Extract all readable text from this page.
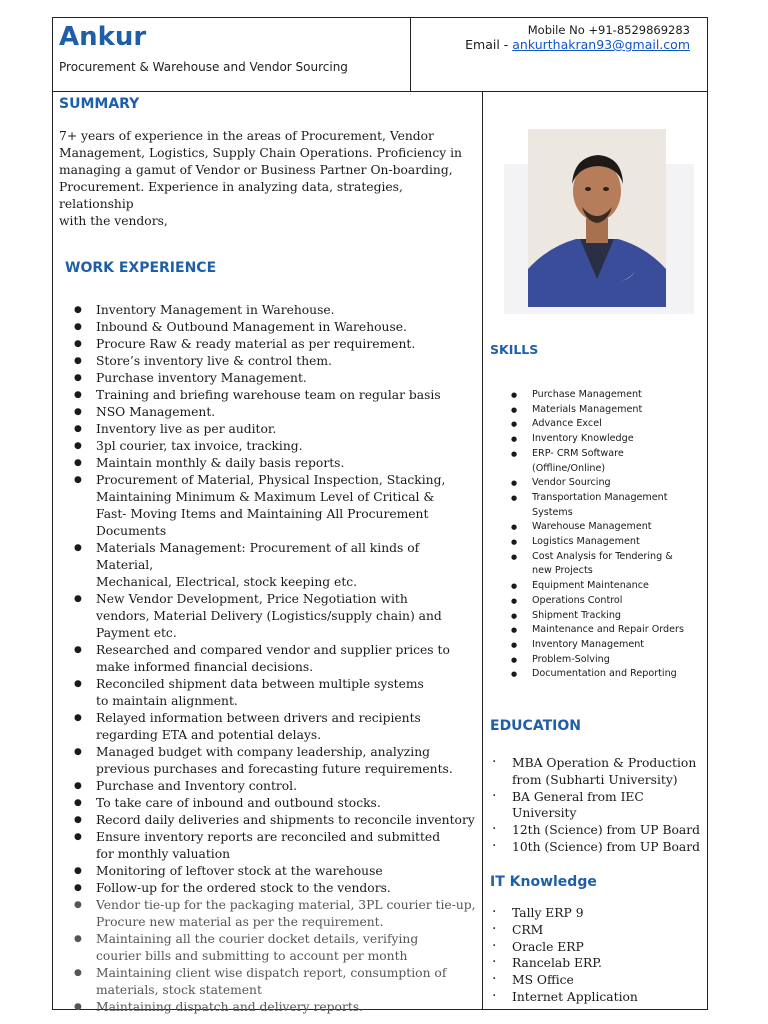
Ankur
Procurement & Warehouse and Vendor Sourcing
Mobile No +91-8529869283
Email - ankurthakran93@gmail.com
SUMMARY
7+ years of experience in the areas of Procurement, Vendor
Management, Logistics, Supply Chain Operations. Proficiency in
managing a gamut of Vendor or Business Partner On-boarding,
Procurement. Experience in analyzing data, strategies, relationship
with the vendors,
WORK EXPERIENCE
● Inventory Management in Warehouse.
● Inbound & Outbound Management in Warehouse.
● Procure Raw & ready material as per requirement.
● Store’s inventory live & control them.
● Purchase inventory Management.
● Training and briefing warehouse team on regular basis
● NSO Management.
● Inventory live as per auditor.
● 3pl courier, tax invoice, tracking.
● Maintain monthly & daily basis reports.
● Procurement of Material, Physical Inspection, Stacking,
Maintaining Minimum & Maximum Level of Critical &
Fast- Moving Items and Maintaining All Procurement
Documents
● Materials Management: Procurement of all kinds of Material,
Mechanical, Electrical, stock keeping etc.
● New Vendor Development, Price Negotiation with
vendors, Material Delivery (Logistics/supply chain) and
Payment etc.
● Researched and compared vendor and supplier prices to
make informed financial decisions.
● Reconciled shipment data between multiple systems
to maintain alignment.
● Relayed information between drivers and recipients
regarding ETA and potential delays.
● Managed budget with company leadership, analyzing
previous purchases and forecasting future requirements.
● Purchase and Inventory control.
● To take care of inbound and outbound stocks.
● Record daily deliveries and shipments to reconcile inventory
● Ensure inventory reports are reconciled and submitted
for monthly valuation
● Monitoring of leftover stock at the warehouse
● Follow-up for the ordered stock to the vendors.
● Vendor tie-up for the packaging material, 3PL courier tie-up,
Procure new material as per the requirement.
● Maintaining all the courier docket details, verifying
courier bills and submitting to account per month
● Maintaining client wise dispatch report, consumption of
materials, stock statement
● Maintaining dispatch and delivery reports.
SKILLS
● Purchase Management
● Materials Management
● Advance Excel
● Inventory Knowledge
● ERP- CRM Software
(Offline/Online)
● Vendor Sourcing
● Transportation Management
Systems
● Warehouse Management
● Logistics Management
● Cost Analysis for Tendering &
new Projects
● Equipment Maintenance
● Operations Control
● Shipment Tracking
● Maintenance and Repair Orders
● Inventory Management
● Problem-Solving
● Documentation and Reporting
EDUCATION
· MBA Operation & Production
from (Subharti University)
· BA General from IEC University
· 12th (Science) from UP Board
· 10th (Science) from UP Board
IT Knowledge
· Tally ERP 9
· CRM
· Oracle ERP
· Rancelab ERP.
· MS Office
· Internet Application
